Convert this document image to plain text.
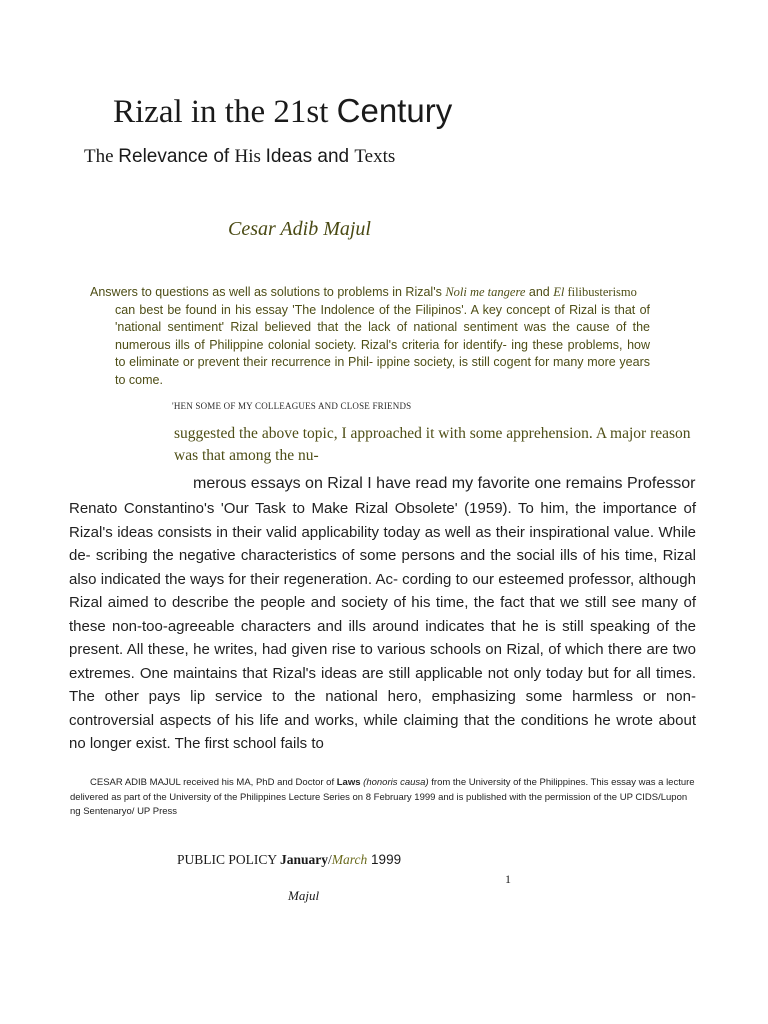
Rizal in the 21st Century
The Relevance of His Ideas and Texts
Cesar Adib Majul
Answers to questions as well as solutions to problems in Rizal's Noli me tangere and El filibusterismo
can best be found in his essay 'The Indolence of the Filipinos'. A key concept of Rizal is that of 'national sentiment' Rizal believed that the lack of national sentiment was the cause of the numerous ills of Philippine colonial society. Rizal's criteria for identify- ing these problems, how to eliminate or prevent their recurrence in Phil- ippine society, is still cogent for many more years to come.
'HEN SOME OF MY COLLEAGUES AND CLOSE FRIENDS
suggested the above topic, I approached it with some apprehension. A major reason was that among the nu-
merous essays on Rizal I have read my favorite one remains Professor
Renato Constantino's 'Our Task to Make Rizal Obsolete' (1959). To him, the importance of Rizal's ideas consists in their valid applicability today as well as their inspirational value. While de- scribing the negative characteristics of some persons and the social ills of his time, Rizal also indicated the ways for their regeneration. Ac- cording to our esteemed professor, although Rizal aimed to describe the people and society of his time, the fact that we still see many of these non-too-agreeable characters and ills around indicates that he is still speaking of the present. All these, he writes, had given rise to various schools on Rizal, of which there are two extremes. One maintains that Rizal's ideas are still applicable not only today but for all times. The other pays lip service to the national hero, emphasizing some harmless or non-controversial aspects of his life and works, while claiming that the conditions he wrote about no longer exist. The first school fails to
CESAR ADIB MAJUL received his MA, PhD and Doctor of Laws (honoris causa) from the University of the Philippines. This essay was a lecture delivered as part of the University of the Philippines Lecture Series on 8 February 1999 and is published with the permission of the UP CIDS/Lupon ng Sentenaryo/ UP Press
PUBLIC POLICY January/March 1999
1
Majul
